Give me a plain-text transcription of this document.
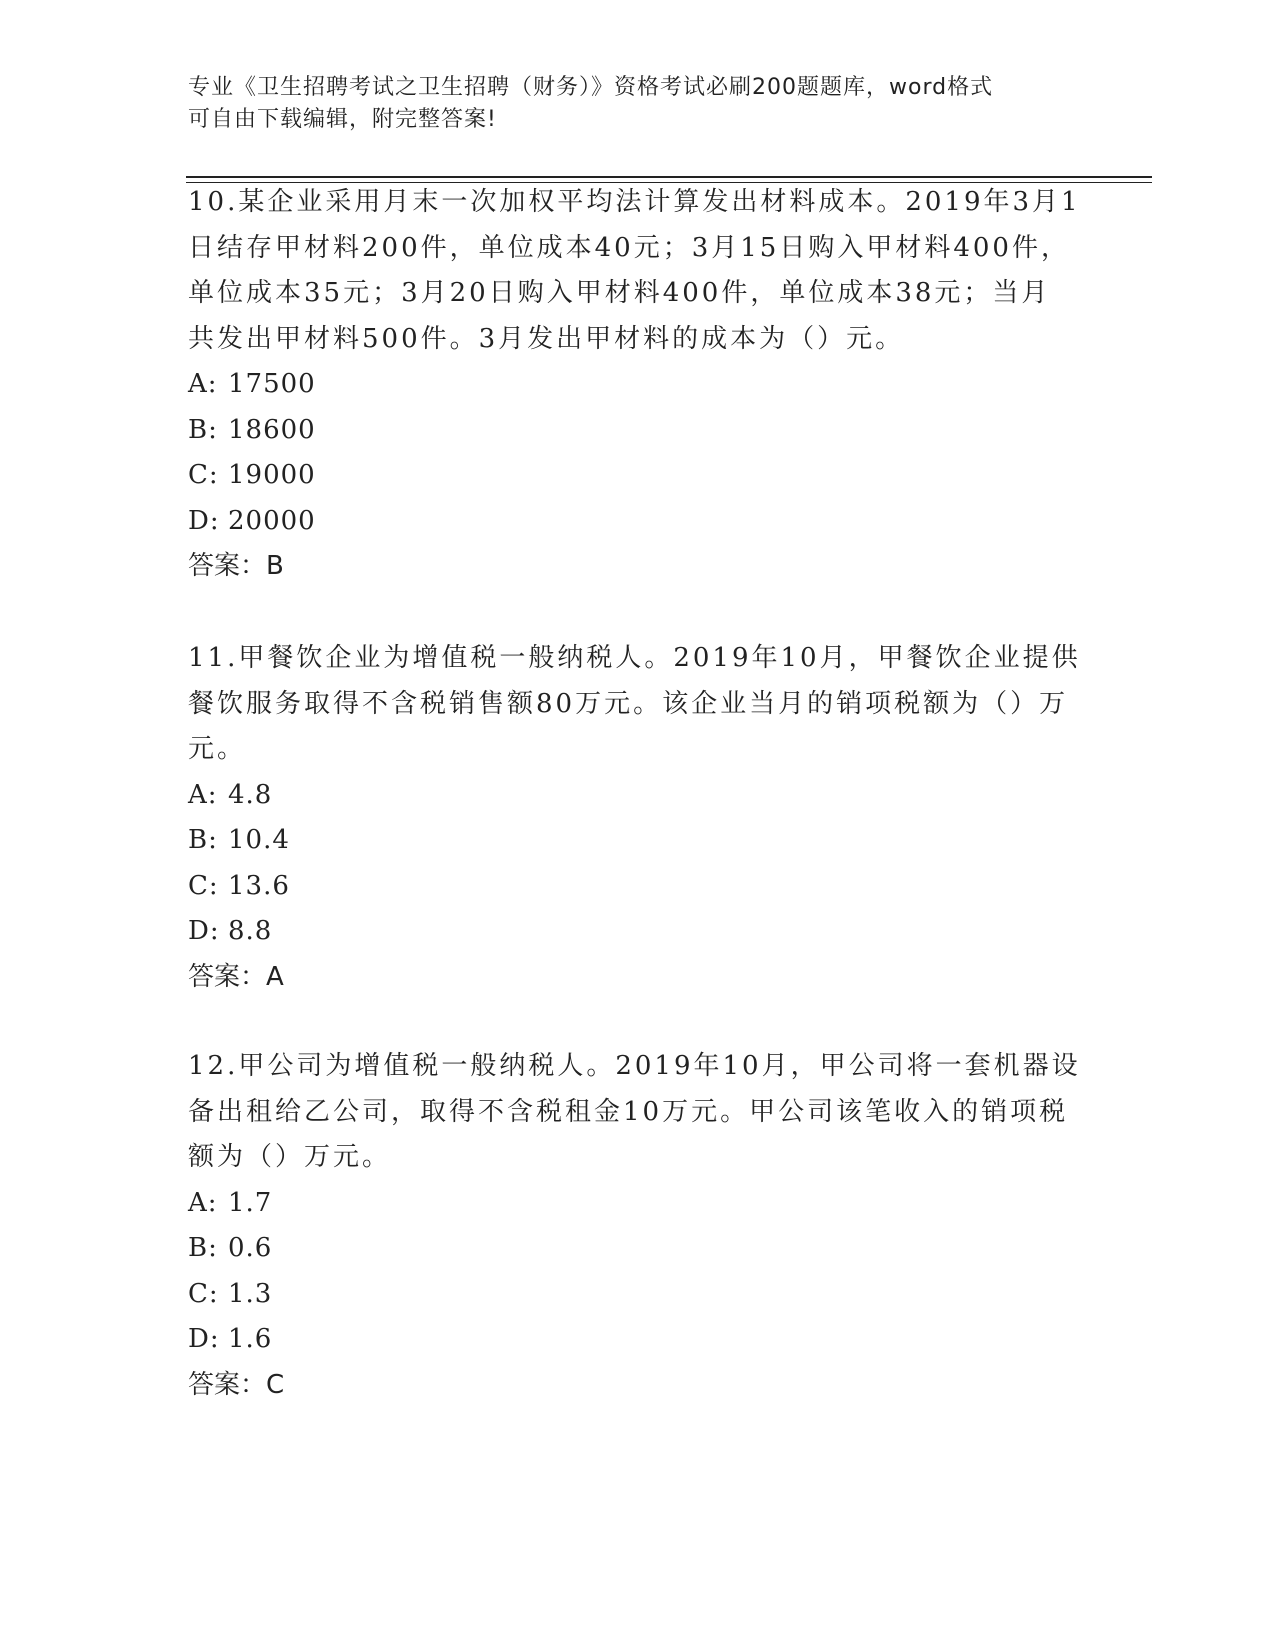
专业《卫生招聘考试之卫生招聘（财务）》资格考试必刷200题题库，word格式
可自由下载编辑，附完整答案!
10.某企业采用月末一次加权平均法计算发出材料成本。2019年3月1
日结存甲材料200件，单位成本40元；3月15日购入甲材料400件，
单位成本35元；3月20日购入甲材料400件，单位成本38元；当月
共发出甲材料500件。3月发出甲材料的成本为（）元。
A: 17500
B: 18600
C: 19000
D: 20000
答案：B
11.甲餐饮企业为增值税一般纳税人。2019年10月，甲餐饮企业提供
餐饮服务取得不含税销售额80万元。该企业当月的销项税额为（）万
元。
A: 4.8
B: 10.4
C: 13.6
D: 8.8
答案：A
12.甲公司为增值税一般纳税人。2019年10月，甲公司将一套机器设
备出租给乙公司，取得不含税租金10万元。甲公司该笔收入的销项税
额为（）万元。
A: 1.7
B: 0.6
C: 1.3
D: 1.6
答案：C
